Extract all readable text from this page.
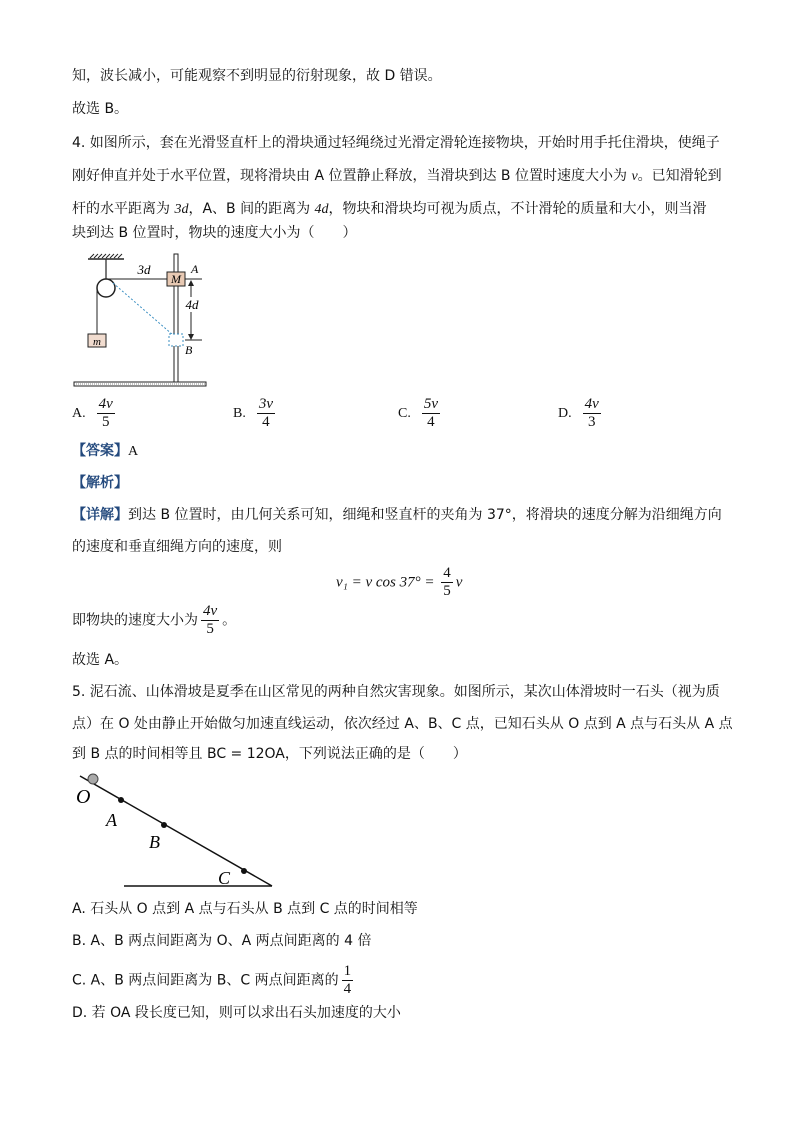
知，波长减小，可能观察不到明显的衍射现象，故 D 错误。
故选 B。
4. 如图所示，套在光滑竖直杆上的滑块通过轻绳绕过光滑定滑轮连接物块，开始时用手托住滑块，使绳子
刚好伸直并处于水平位置，现将滑块由 A 位置静止释放，当滑块到达 B 位置时速度大小为 v。已知滑轮到
杆的水平距离为 3d，A、B 间的距离为 4d，物块和滑块均可视为质点，不计滑轮的质量和大小，则当滑
块到达 B 位置时，物块的速度大小为（　　）
m
M
4d
3d	A
B
A. $\frac{4v}{5}$	B. $\frac{3v}{4}$	C. $\frac{5v}{4}$	D. $\frac{4v}{3}$
【答案】A
【解析】
【详解】到达 B 位置时，由几何关系可知，细绳和竖直杆的夹角为 37°，将滑块的速度分解为沿细绳方向
的速度和垂直细绳方向的速度，则
v₁ = v $\cos 37^\circ = \frac{4}{5}$ v
即物块的速度大小为 $\frac{4v}{5}$ 。
故选 A。
5. 泥石流、山体滑坡是夏季在山区常见的两种自然灾害现象。如图所示，某次山体滑坡时一石头（视为质
点）在 O 处由静止开始做匀加速直线运动，依次经过 A、B、C 点，已知石头从 O 点到 A 点与石头从 A 点
到 B 点的时间相等且 BC = 12OA，下列说法正确的是（　　）
O
A
B
C
A. 石头从 O 点到 A 点与石头从 B 点到 C 点的时间相等
B. A、B 两点间距离为 O、A 两点间距离的 4 倍
C. A、B 两点间距离为 B、C 两点间距离的 $\frac{1}{4}$
D. 若 OA 段长度已知，则可以求出石头加速度的大小
